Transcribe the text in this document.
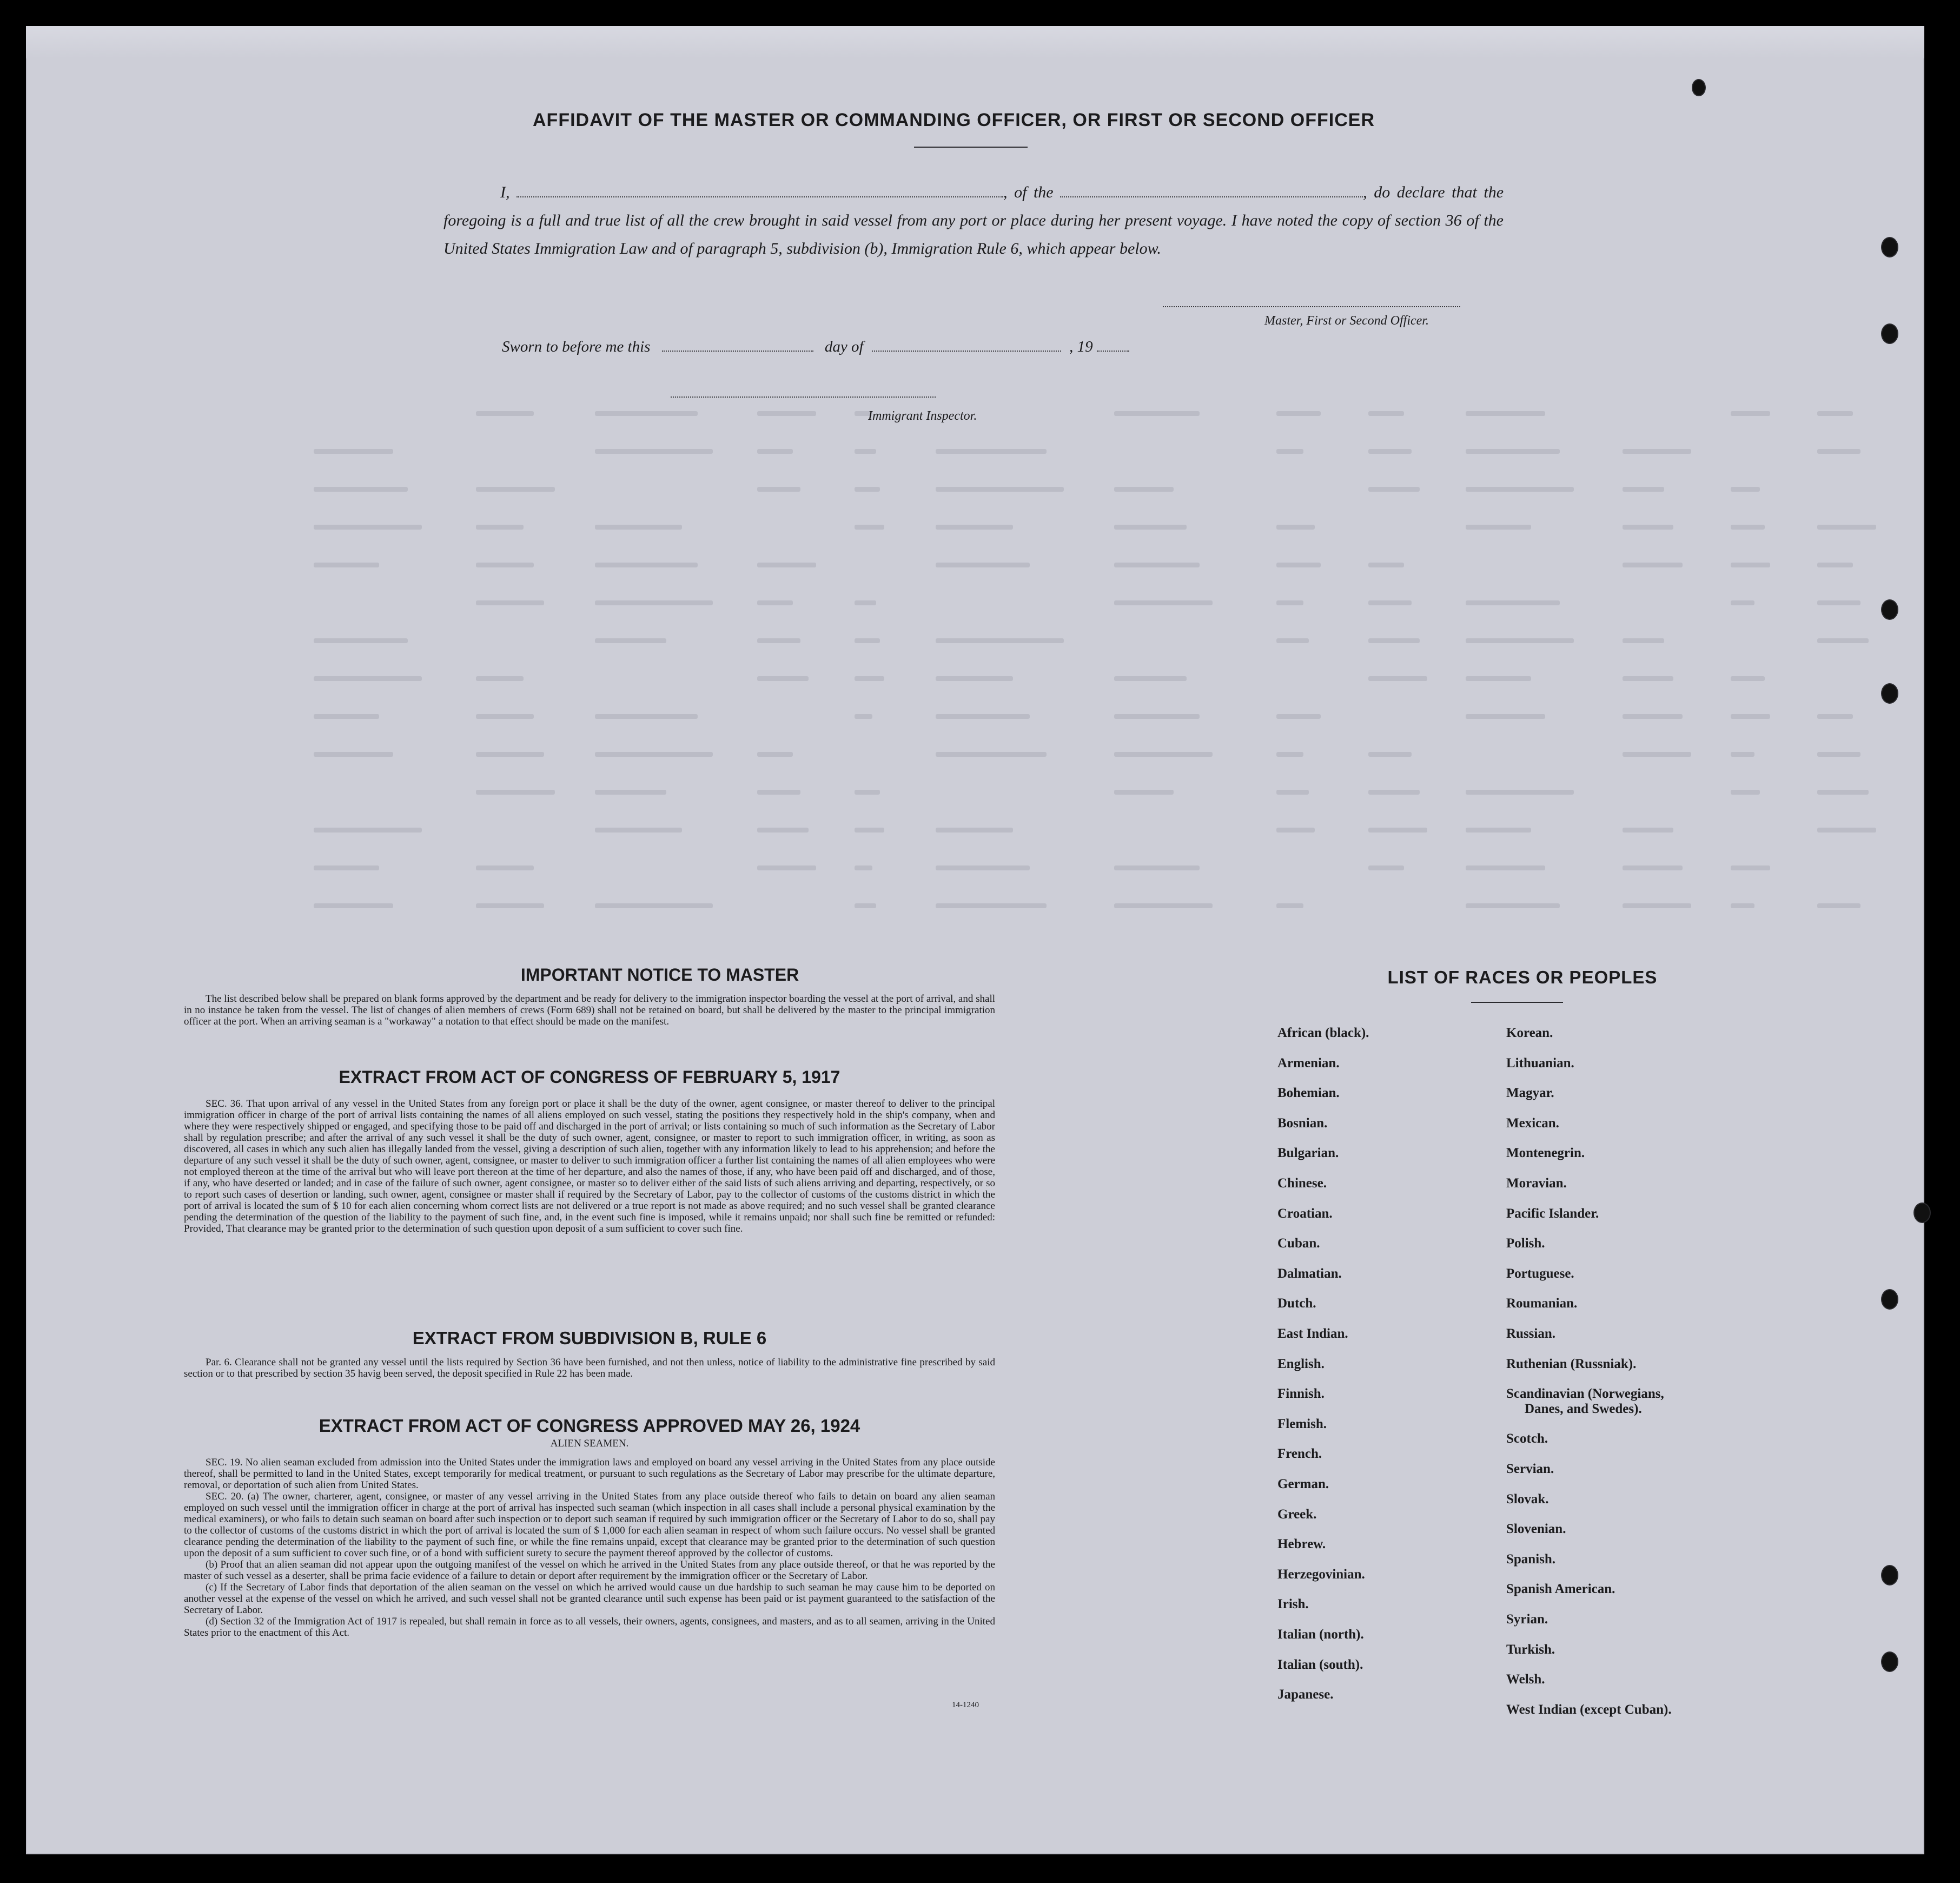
AFFIDAVIT OF THE MASTER OR COMMANDING OFFICER, OR FIRST OR SECOND OFFICER
I,	, of the	, do declare that the foregoing is a full and true list of all the crew brought in said vessel from any port or place during her present voyage. I have noted the copy of section 36 of the United States Immigration Law and of paragraph 5, subdivision (b), Immigration Rule 6, which appear below.
Master, First or Second Officer.
Sworn to before me this	day of	, 19
Immigrant Inspector.
IMPORTANT NOTICE TO MASTER

The list described below shall be prepared on blank forms approved by the department and be ready for delivery to the immigration inspector boarding the vessel at the port of arrival, and shall in no instance be taken from the vessel. The list of changes of alien members of crews (Form 689) shall not be retained on board, but shall be delivered by the master to the principal immigration officer at the port. When an arriving seaman is a "workaway" a notation to that effect should be made on the manifest.

EXTRACT FROM ACT OF CONGRESS OF FEBRUARY 5, 1917

SEC. 36. That upon arrival of any vessel in the United States from any foreign port or place it shall be the duty of the owner, agent consignee, or master thereof to deliver to the principal immigration officer in charge of the port of arrival lists containing the names of all aliens employed on such vessel, stating the positions they respectively hold in the ship's company, when and where they were respectively shipped or engaged, and specifying those to be paid off and discharged in the port of arrival; or lists containing so much of such information as the Secretary of Labor shall by regulation prescribe; and after the arrival of any such vessel it shall be the duty of such owner, agent, consignee, or master to report to such immigration officer, in writing, as soon as discovered, all cases in which any such alien has illegally landed from the vessel, giving a description of such alien, together with any information likely to lead to his apprehension; and before the departure of any such vessel it shall be the duty of such owner, agent, consignee, or master to deliver to such immigration officer a further list containing the names of all alien employees who were not employed thereon at the time of the arrival but who will leave port thereon at the time of her departure, and also the names of those, if any, who have been paid off and discharged, and of those, if any, who have deserted or landed; and in case of the failure of such owner, agent consignee, or master so to deliver either of the said lists of such aliens arriving and departing, respectively, or so to report such cases of desertion or landing, such owner, agent, consignee or master shall if required by the Secretary of Labor, pay to the collector of customs of the customs district in which the port of arrival is located the sum of $ 10 for each alien concerning whom correct lists are not delivered or a true report is not made as above required; and no such vessel shall be granted clearance pending the determination of the question of the liability to the payment of such fine, and, in the event such fine is imposed, while it remains unpaid; nor shall such fine be remitted or refunded: Provided, That clearance may be granted prior to the determination of such question upon deposit of a sum sufficient to cover such fine.

EXTRACT FROM SUBDIVISION B, RULE 6

Par. 6. Clearance shall not be granted any vessel until the lists required by Section 36 have been furnished, and not then unless, notice of liability to the administrative fine prescribed by said section or to that prescribed by section 35 havig been served, the deposit specified in Rule 22 has been made.

EXTRACT FROM ACT OF CONGRESS APPROVED MAY 26, 1924
ALIEN SEAMEN.

SEC. 19. No alien seaman excluded from admission into the United States under the immigration laws and employed on board any vessel arriving in the United States from any place outside thereof, shall be permitted to land in the United States, except temporarily for medical treatment, or pursuant to such regulations as the Secretary of Labor may prescribe for the ultimate departure, removal, or deportation of such alien from United States.

SEC. 20. (a) The owner, charterer, agent, consignee, or master of any vessel arriving in the United States from any place outside thereof who fails to detain on board any alien seaman employed on such vessel until the immigration officer in charge at the port of arrival has inspected such seaman (which inspection in all cases shall include a personal physical examination by the medical examiners), or who fails to detain such seaman on board after such inspection or to deport such seaman if required by such immigration officer or the Secretary of Labor to do so, shall pay to the collector of customs of the customs district in which the port of arrival is located the sum of $ 1,000 for each alien seaman in respect of whom such failure occurs. No vessel shall be granted clearance pending the determination of the liability to the payment of such fine, or while the fine remains unpaid, except that clearance may be granted prior to the determination of such question upon the deposit of a sum sufficient to cover such fine, or of a bond with sufficient surety to secure the payment thereof approved by the collector of customs.

(b) Proof that an alien seaman did not appear upon the outgoing manifest of the vessel on which he arrived in the United States from any place outside thereof, or that he was reported by the master of such vessel as a deserter, shall be prima facie evidence of a failure to detain or deport after requirement by the immigration officer or the Secretary of Labor.

(c) If the Secretary of Labor finds that deportation of the alien seaman on the vessel on which he arrived would cause un due hardship to such seaman he may cause him to be deported on another vessel at the expense of the vessel on which he arrived, and such vessel shall not be granted clearance until such expense has been paid or ist payment guaranteed to the satisfaction of the Secretary of Labor.

(d) Section 32 of the Immigration Act of 1917 is repealed, but shall remain in force as to all vessels, their owners, agents, consignees, and masters, and as to all seamen, arriving in the United States prior to the enactment of this Act.

14-1240
LIST OF RACES OR PEOPLES
African (black).
Armenian.
Bohemian.
Bosnian.
Bulgarian.
Chinese.
Croatian.
Cuban.
Dalmatian.
Dutch.
East Indian.
English.
Finnish.
Flemish.
French.
German.
Greek.
Hebrew.
Herzegovinian.
Irish.
Italian (north).
Italian (south).
Japanese.
Korean.
Lithuanian.
Magyar.
Mexican.
Montenegrin.
Moravian.
Pacific Islander.
Polish.
Portuguese.
Roumanian.
Russian.
Ruthenian (Russniak).
Scandinavian (Norwegians,
Danes, and Swedes).
Scotch.
Servian.
Slovak.
Slovenian.
Spanish.
Spanish American.
Syrian.
Turkish.
Welsh.
West Indian (except Cuban).
